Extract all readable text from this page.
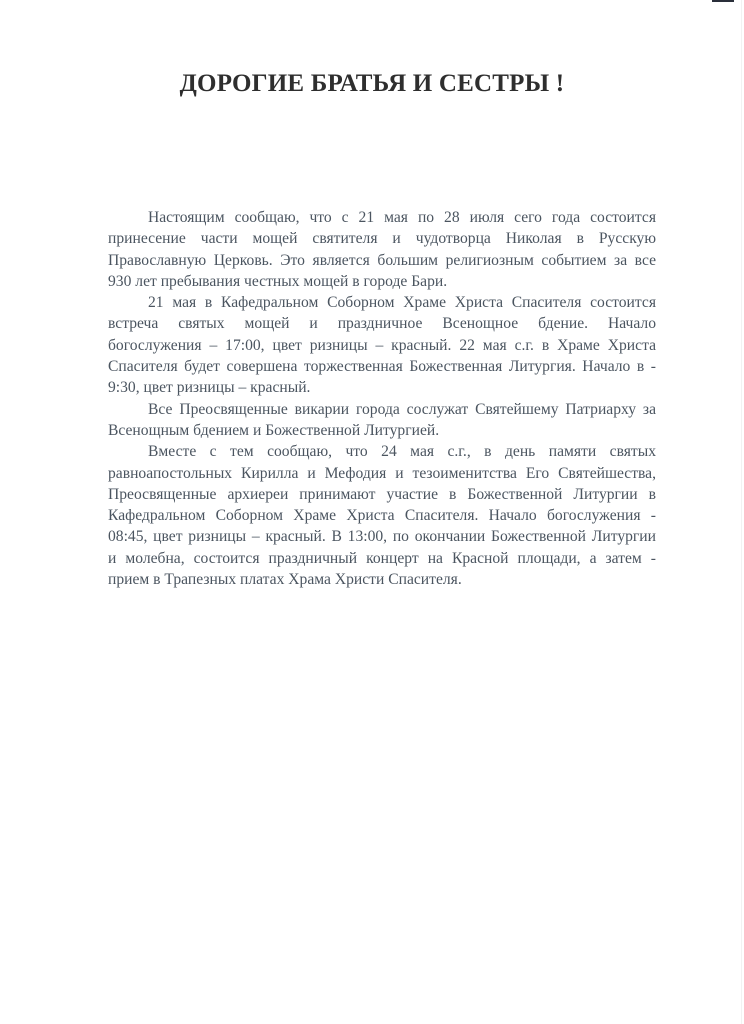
ДОРОГИЕ БРАТЬЯ И СЕСТРЫ !
Настоящим сообщаю, что с 21 мая по 28 июля сего года состоится
принесение части мощей святителя и чудотворца Николая в Русскую
Православную Церковь. Это является большим религиозным событием за все
930 лет пребывания честных мощей в городе Бари.
21 мая в Кафедральном Соборном Храме Христа Спасителя состоится
встреча святых мощей и праздничное Всенощное бдение. Начало
богослужения – 17:00, цвет ризницы – красный. 22 мая с.г. в Храме Христа
Спасителя будет совершена торжественная Божественная Литургия. Начало в -
9:30, цвет ризницы – красный.
Все Преосвященные викарии города сослужат Святейшему Патриарху за
Всенощным бдением и Божественной Литургией.
Вместе с тем сообщаю, что 24 мая с.г., в день памяти святых
равноапостольных Кирилла и Мефодия и тезоименитства Его Святейшества,
Преосвященные архиереи принимают участие в Божественной Литургии в
Кафедральном Соборном Храме Христа Спасителя. Начало богослужения -
08:45, цвет ризницы – красный. В 13:00, по окончании Божественной Литургии
и молебна, состоится праздничный концерт на Красной площади, а затем -
прием в Трапезных платах Храма Христи Спасителя.
